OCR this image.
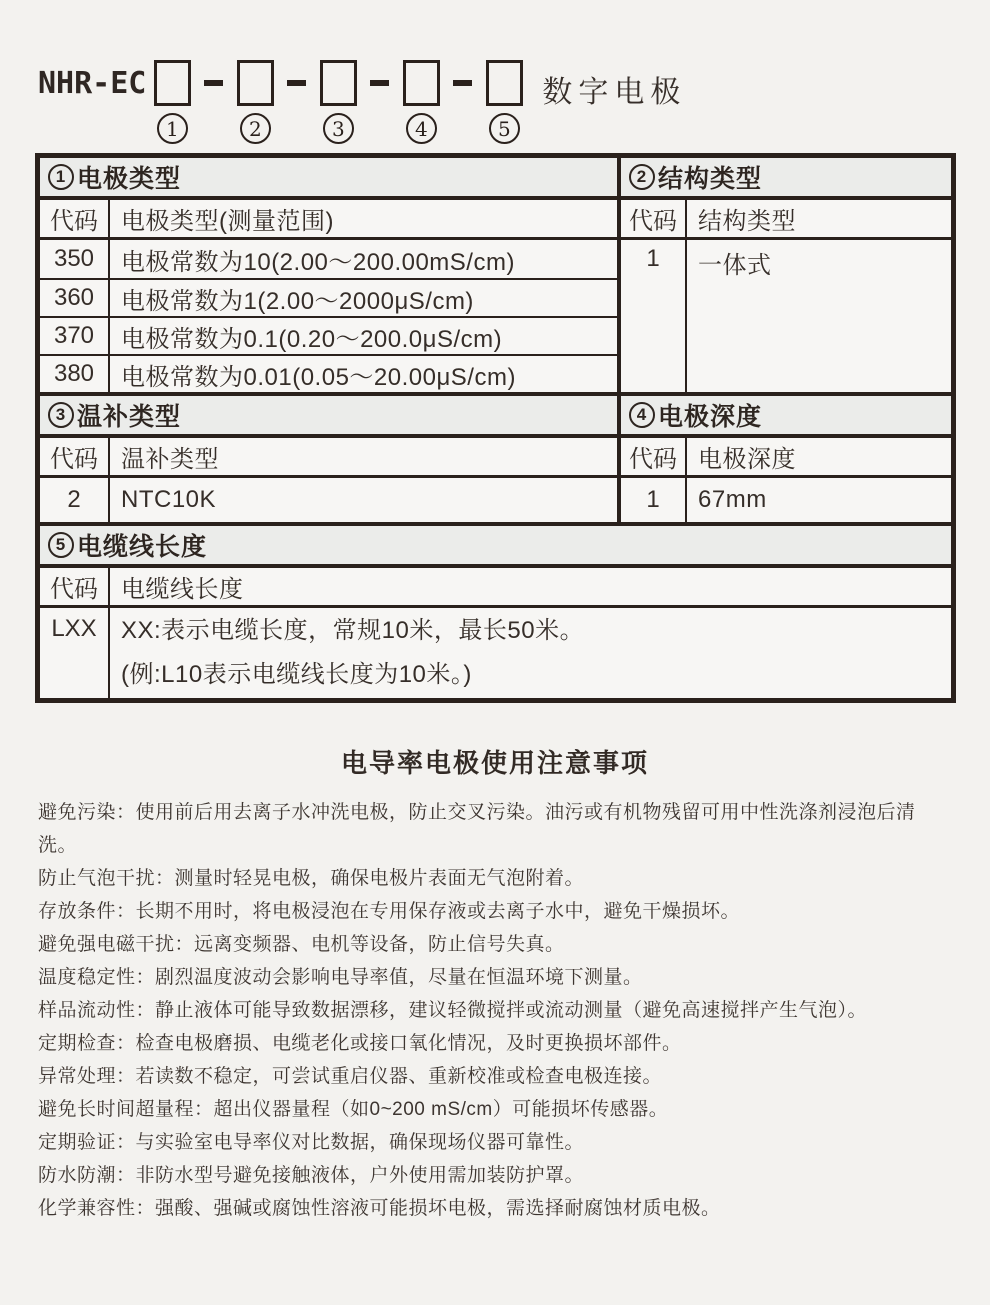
NHR-EC
1	2	3	4	5
数字电极
1 电极类型
代码 电极类型(测量范围)
350	电极常数为10(2.00～200.00mS/cm)
360	电极常数为1(2.00～2000μS/cm)
370	电极常数为0.1(0.20～200.0μS/cm)
380	电极常数为0.01(0.05～20.00μS/cm)
2 结构类型
代码 结构类型
1	一体式
3 温补类型
代码 温补类型
2	NTC10K
4 电极深度
代码 电极深度
1	67mm
5 电缆线长度
代码 电缆线长度
LXX	XX:表示电缆长度，常规10米，最长50米。
(例:L10表示电缆线长度为10米。)
电导率电极使用注意事项

避免污染：使用前后用去离子水冲洗电极，防止交叉污染。油污或有机物残留可用中性洗涤剂浸泡后清洗。

防止气泡干扰：测量时轻晃电极，确保电极片表面无气泡附着。

存放条件：长期不用时，将电极浸泡在专用保存液或去离子水中，避免干燥损坏。

避免强电磁干扰：远离变频器、电机等设备，防止信号失真。

温度稳定性：剧烈温度波动会影响电导率值，尽量在恒温环境下测量。

样品流动性：静止液体可能导致数据漂移，建议轻微搅拌或流动测量（避免高速搅拌产生气泡）。

定期检查：检查电极磨损、电缆老化或接口氧化情况，及时更换损坏部件。

异常处理：若读数不稳定，可尝试重启仪器、重新校准或检查电极连接。

避免长时间超量程：超出仪器量程（如0~200 mS/cm）可能损坏传感器。

定期验证：与实验室电导率仪对比数据，确保现场仪器可靠性。

防水防潮：非防水型号避免接触液体，户外使用需加装防护罩。

化学兼容性：强酸、强碱或腐蚀性溶液可能损坏电极，需选择耐腐蚀材质电极。
